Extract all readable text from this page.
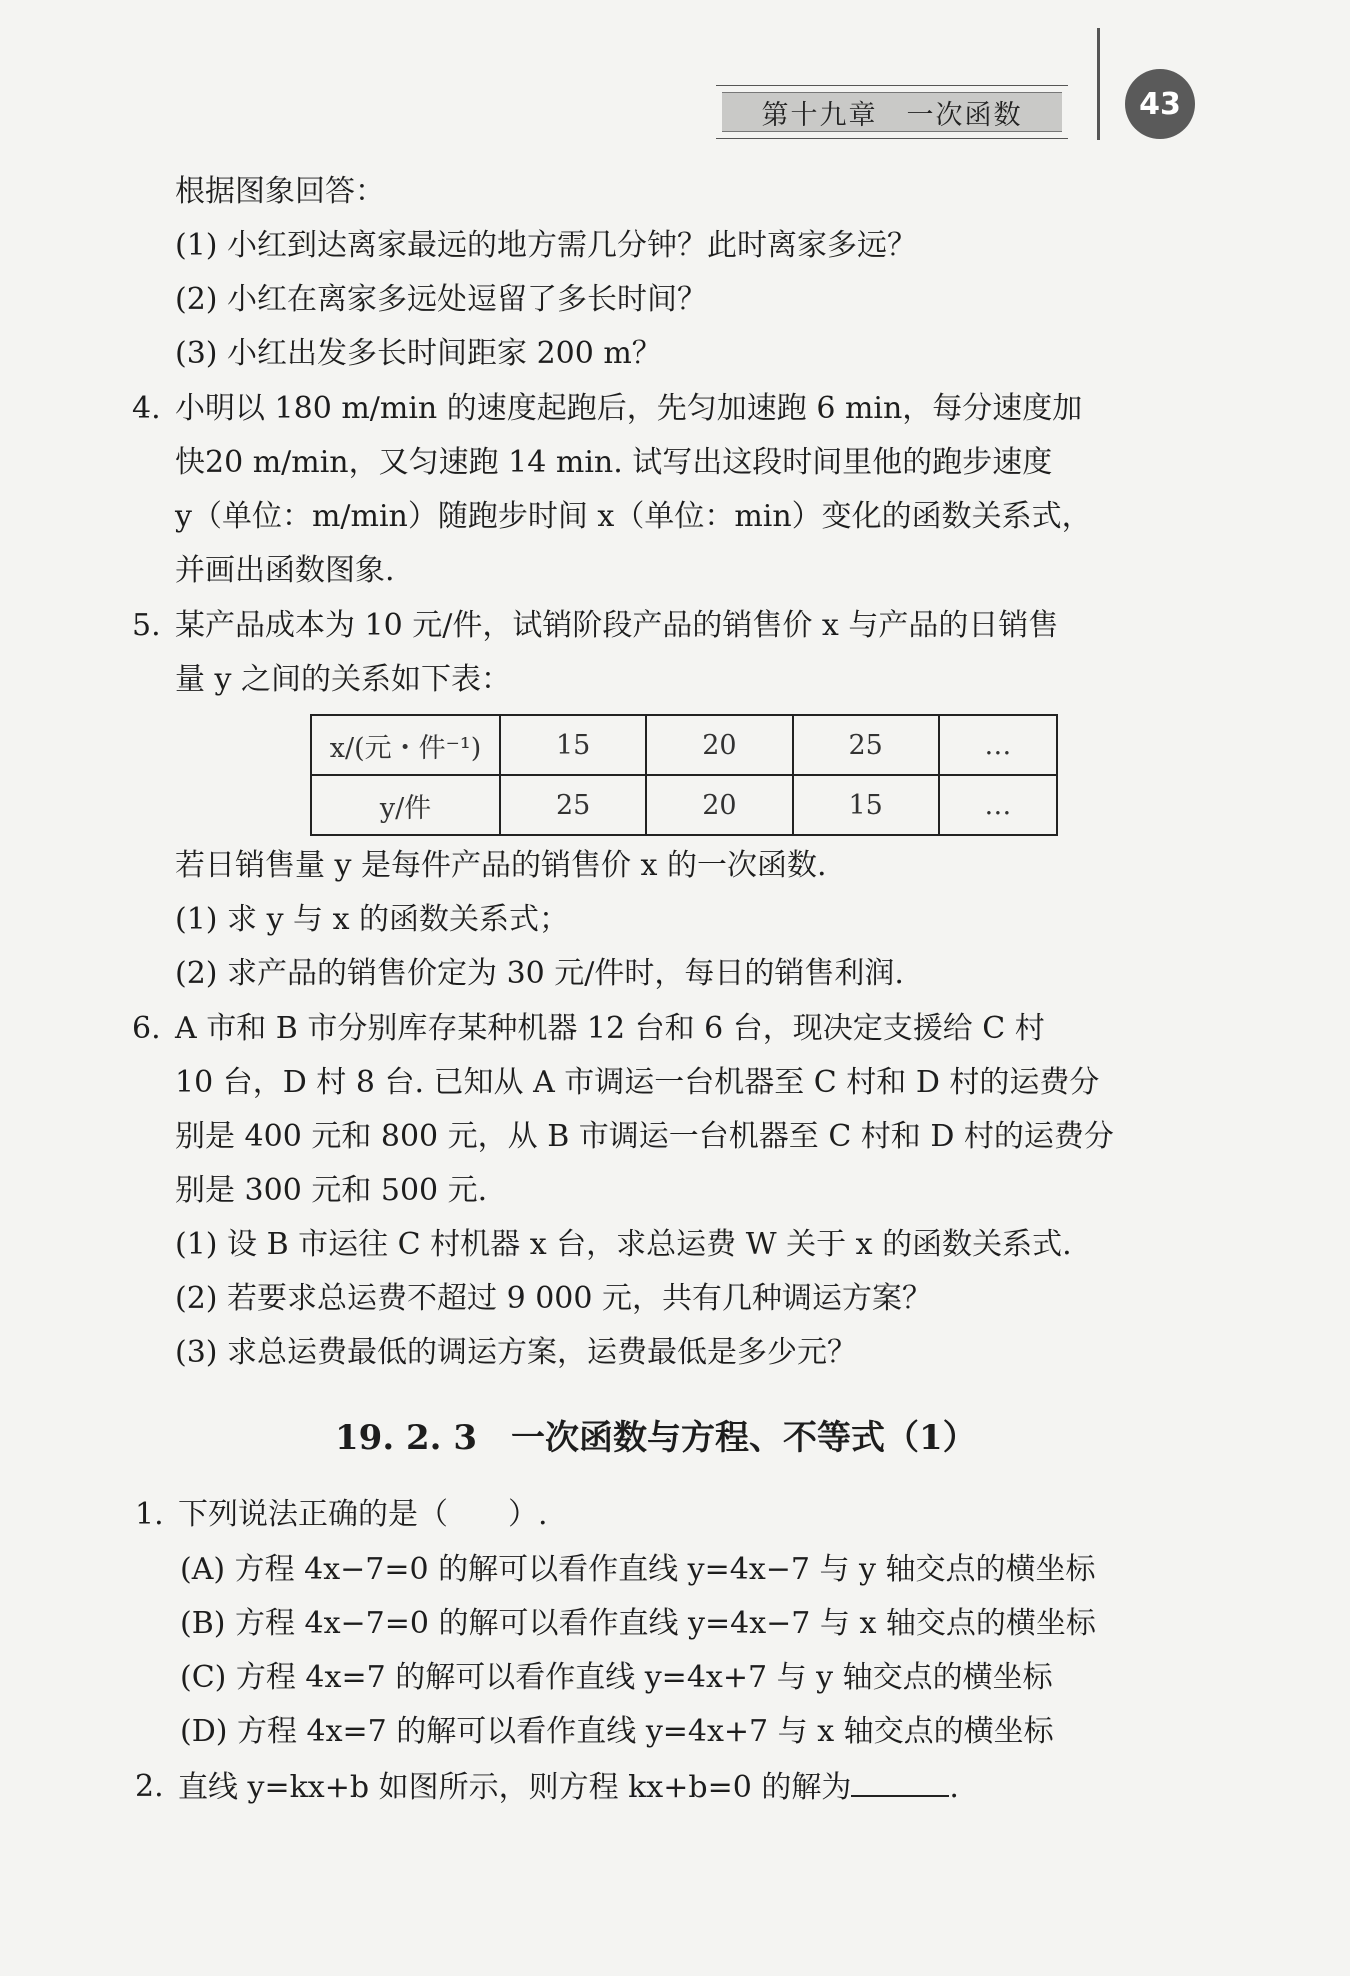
第十九章　一次函数	43
根据图象回答：
(1) 小红到达离家最远的地方需几分钟？此时离家多远？
(2) 小红在离家多远处逗留了多长时间？
(3) 小红出发多长时间距家 200 m？
4. 小明以 180 m/min 的速度起跑后，先匀加速跑 6 min，每分速度加
快20 m/min，又匀速跑 14 min. 试写出这段时间里他的跑步速度
y（单位：m/min）随跑步时间 x（单位：min）变化的函数关系式，
并画出函数图象.
5. 某产品成本为 10 元/件，试销阶段产品的销售价 x 与产品的日销售
量 y 之间的关系如下表：
x/(元・件⁻¹)	15	20	25	…
y/件	25	20	15	…
若日销售量 y 是每件产品的销售价 x 的一次函数.
(1) 求 y 与 x 的函数关系式；
(2) 求产品的销售价定为 30 元/件时，每日的销售利润.
6. A 市和 B 市分别库存某种机器 12 台和 6 台，现决定支援给 C 村
10 台，D 村 8 台. 已知从 A 市调运一台机器至 C 村和 D 村的运费分
别是 400 元和 800 元，从 B 市调运一台机器至 C 村和 D 村的运费分
别是 300 元和 500 元.
(1) 设 B 市运往 C 村机器 x 台，求总运费 W 关于 x 的函数关系式.
(2) 若要求总运费不超过 9 000 元，共有几种调运方案？
(3) 求总运费最低的调运方案，运费最低是多少元？
19. 2. 3　一次函数与方程、不等式（1）
1. 下列说法正确的是（　　）.
(A) 方程 4x−7=0 的解可以看作直线 y=4x−7 与 y 轴交点的横坐标
(B) 方程 4x−7=0 的解可以看作直线 y=4x−7 与 x 轴交点的横坐标
(C) 方程 4x=7 的解可以看作直线 y=4x+7 与 y 轴交点的横坐标
(D) 方程 4x=7 的解可以看作直线 y=4x+7 与 x 轴交点的横坐标
2. 直线 y=kx+b 如图所示，则方程 kx+b=0 的解为	.
